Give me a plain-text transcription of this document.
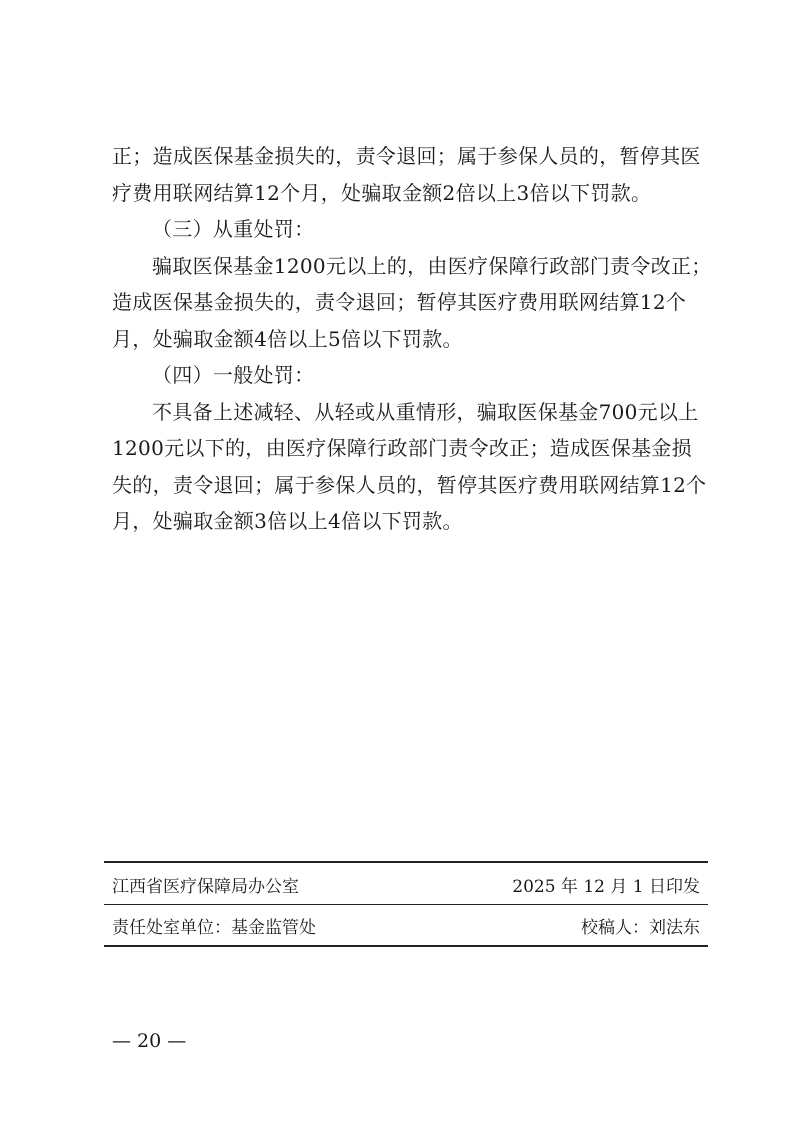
正；造成医保基金损失的，责令退回；属于参保人员的，暂停其医疗费用联网结算12个月，处骗取金额2倍以上3倍以下罚款。

（三）从重处罚：

骗取医保基金1200元以上的，由医疗保障行政部门责令改正；造成医保基金损失的，责令退回；暂停其医疗费用联网结算12个月，处骗取金额4倍以上5倍以下罚款。

（四）一般处罚：

不具备上述减轻、从轻或从重情形，骗取医保基金700元以上1200元以下的，由医疗保障行政部门责令改正；造成医保基金损失的，责令退回；属于参保人员的，暂停其医疗费用联网结算12个月，处骗取金额3倍以上4倍以下罚款。

江西省医疗保障局办公室	2025 年 12 月 1 日印发
责任处室单位：基金监管处	校稿人：刘法东
— 20 —
